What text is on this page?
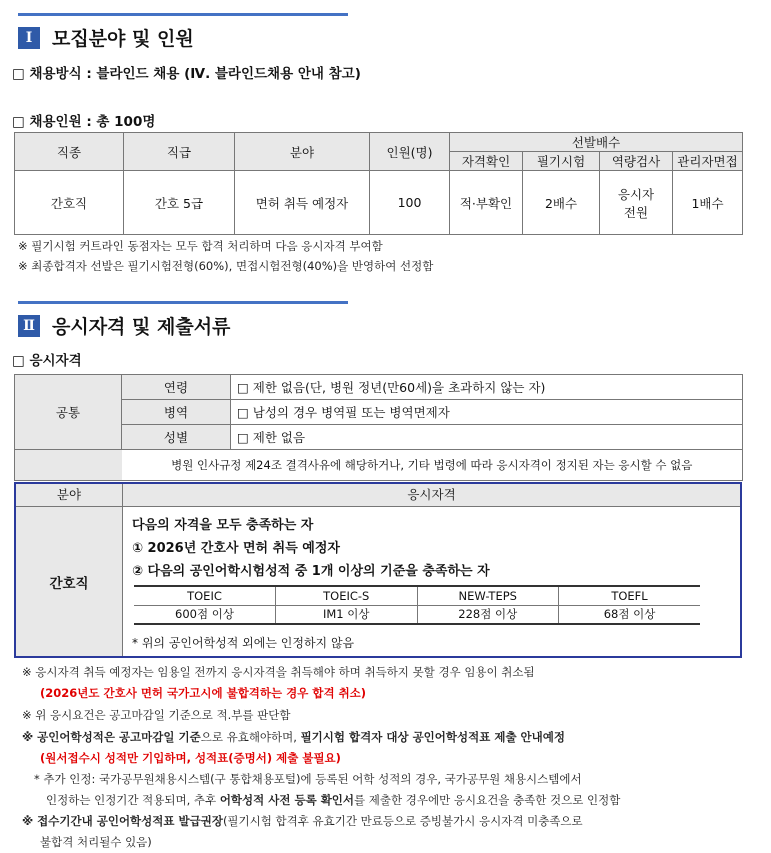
Ⅰ	모집분야 및 인원
□ 채용방식 : 블라인드 채용 (Ⅳ. 블라인드채용 안내 참고)
□ 채용인원 : 총 100명
직종	직급	분야	인원(명)	선발배수			
				자격확인	필기시험	역량검사	관리자면접
간호직	간호 5급	면허 취득 예정자	100	적·부확인	2배수	응시자 전원	1배수
※ 필기시험 커트라인 동점자는 모두 합격 처리하며 다음 응시자격 부여함
※ 최종합격자 선발은 필기시험전형(60%), 면접시험전형(40%)을 반영하여 선정함
Ⅱ 응시자격 및 제출서류
□ 응시자격
공통	연령	□ 제한 없음(단, 병원 정년(만60세)을 초과하지 않는 자)
	병역	□ 남성의 경우 병역필 또는 병역면제자
	성별	□ 제한 없음
	병원 인사규정 제24조 결격사유에 해당하거나, 기타 법령에 따라 응시자격이 정지된 자는 응시할 수 없음	
분야	응시자격
간호직
다음의 자격을 모두 충족하는 자
① 2026년 간호사 면허 취득 예정자
② 다음의 공인어학시험성적 중 1개 이상의 기준을 충족하는 자
TOEIC	TOEIC-S	NEW-TEPS	TOEFL
600점 이상	IM1 이상	228점 이상	68점 이상
* 위의 공인어학성적 외에는 인정하지 않음
※ 응시자격 취득 예정자는 임용일 전까지 응시자격을 취득해야 하며 취득하지 못할 경우 임용이 취소됨
(2026년도 간호사 면허 국가고시에 불합격하는 경우 합격 취소)
※ 위 응시요건은 공고마감일 기준으로 적.부를 판단함
※ 공인어학성적은 공고마감일 기준으로 유효해야하며, 필기시험 합격자 대상 공인어학성적표 제출 안내예정
(원서접수시 성적만 기입하며, 성적표(증명서) 제출 불필요)
* 추가 인정: 국가공무원채용시스템(구 통합채용포털)에 등록된 어학 성적의 경우, 국가공무원 채용시스템에서
인정하는 인정기간 적용되며, 추후 어학성적 사전 등록 확인서를 제출한 경우에만 응시요건을 충족한 것으로 인정함
※ 접수기간내 공인어학성적표 발급권장(필기시험 합격후 유효기간 만료등으로 증빙불가시 응시자격 미충족으로
불합격 처리될수 있음)
